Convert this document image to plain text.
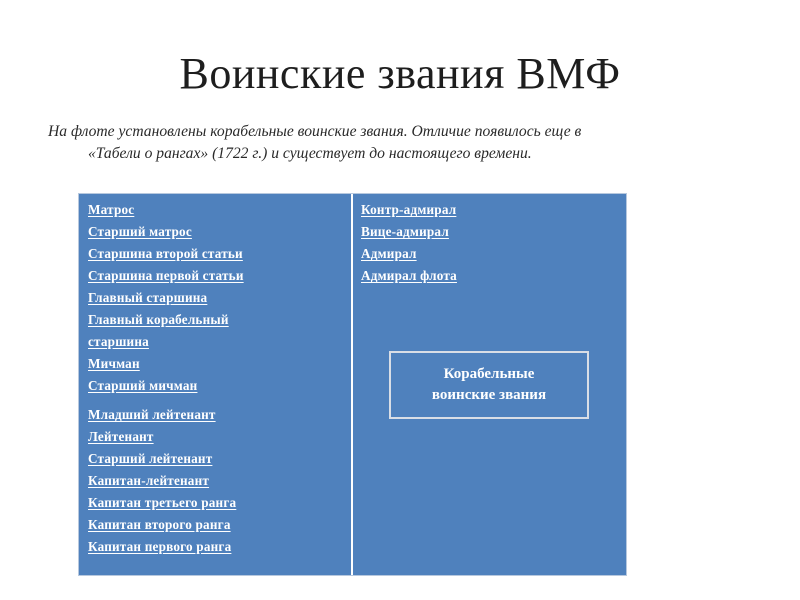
Воинские звания ВМФ
На флоте установлены корабельные воинские звания. Отличие появилось еще в
«Табели о рангах» (1722 г.) и существует до настоящего времени.
Матрос
Старший матрос
Старшина второй статьи
Старшина первой статьи
Главный старшина
Главный корабельный
старшина
Мичман
Старший мичман
Младший лейтенант
Лейтенант
Старший лейтенант
Капитан-лейтенант
Капитан третьего ранга
Капитан второго ранга
Капитан первого ранга
Контр-адмирал
Вице-адмирал
Адмирал
Адмирал флота
Корабельные
воинские звания
